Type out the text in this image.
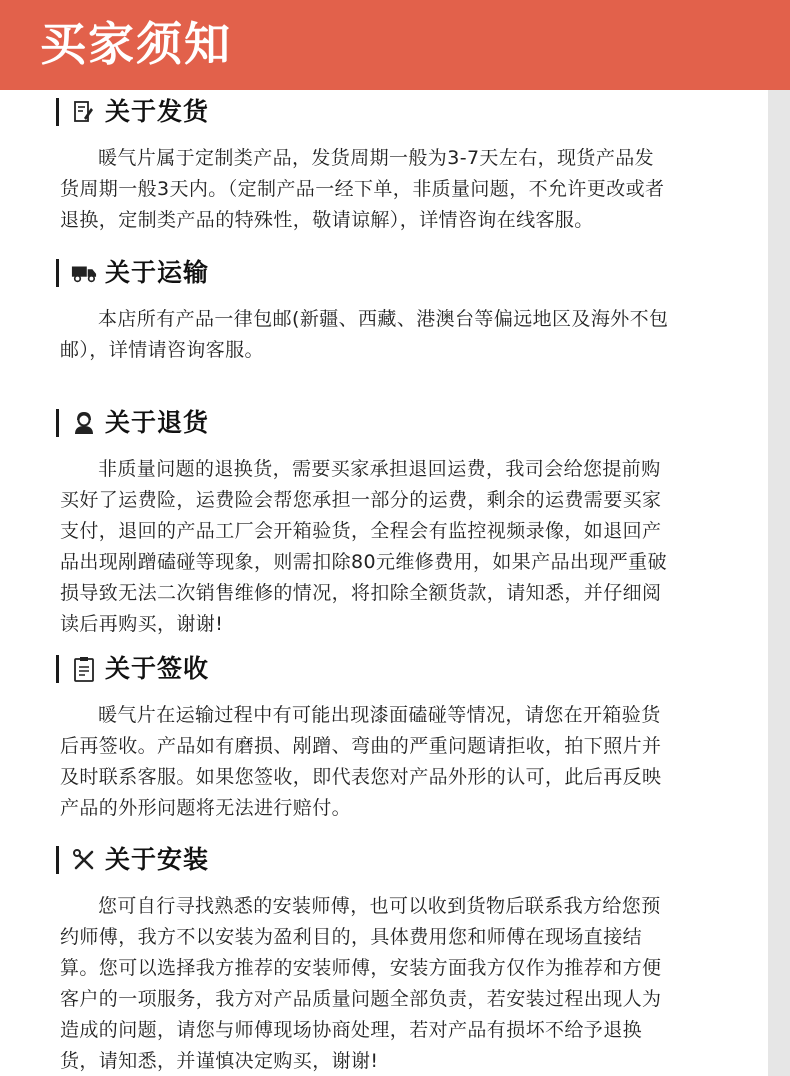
买家须知
关于发货
暖气片属于定制类产品，发货周期一般为3-7天左右，现货产品发
货周期一般3天内。（定制产品一经下单，非质量问题，不允许更改或者
退换，定制类产品的特殊性，敬请谅解），详情咨询在线客服。
关于运输
本店所有产品一律包邮(新疆、西藏、港澳台等偏远地区及海外不包
邮），详情请咨询客服。
关于退货
非质量问题的退换货，需要买家承担退回运费，我司会给您提前购
买好了运费险，运费险会帮您承担一部分的运费，剩余的运费需要买家
支付，退回的产品工厂会开箱验货，全程会有监控视频录像，如退回产
品出现剐蹭磕碰等现象，则需扣除80元维修费用，如果产品出现严重破
损导致无法二次销售维修的情况，将扣除全额货款，请知悉，并仔细阅
读后再购买，谢谢!
关于签收
暖气片在运输过程中有可能出现漆面磕碰等情况，请您在开箱验货
后再签收。产品如有磨损、剐蹭、弯曲的严重问题请拒收，拍下照片并
及时联系客服。如果您签收，即代表您对产品外形的认可，此后再反映
产品的外形问题将无法进行赔付。
关于安装
您可自行寻找熟悉的安装师傅，也可以收到货物后联系我方给您预
约师傅，我方不以安装为盈利目的，具体费用您和师傅在现场直接结
算。您可以选择我方推荐的安装师傅，安装方面我方仅作为推荐和方便
客户的一项服务，我方对产品质量问题全部负责，若安装过程出现人为
造成的问题，请您与师傅现场协商处理，若对产品有损坏不给予退换
货，请知悉，并谨慎决定购买，谢谢!
